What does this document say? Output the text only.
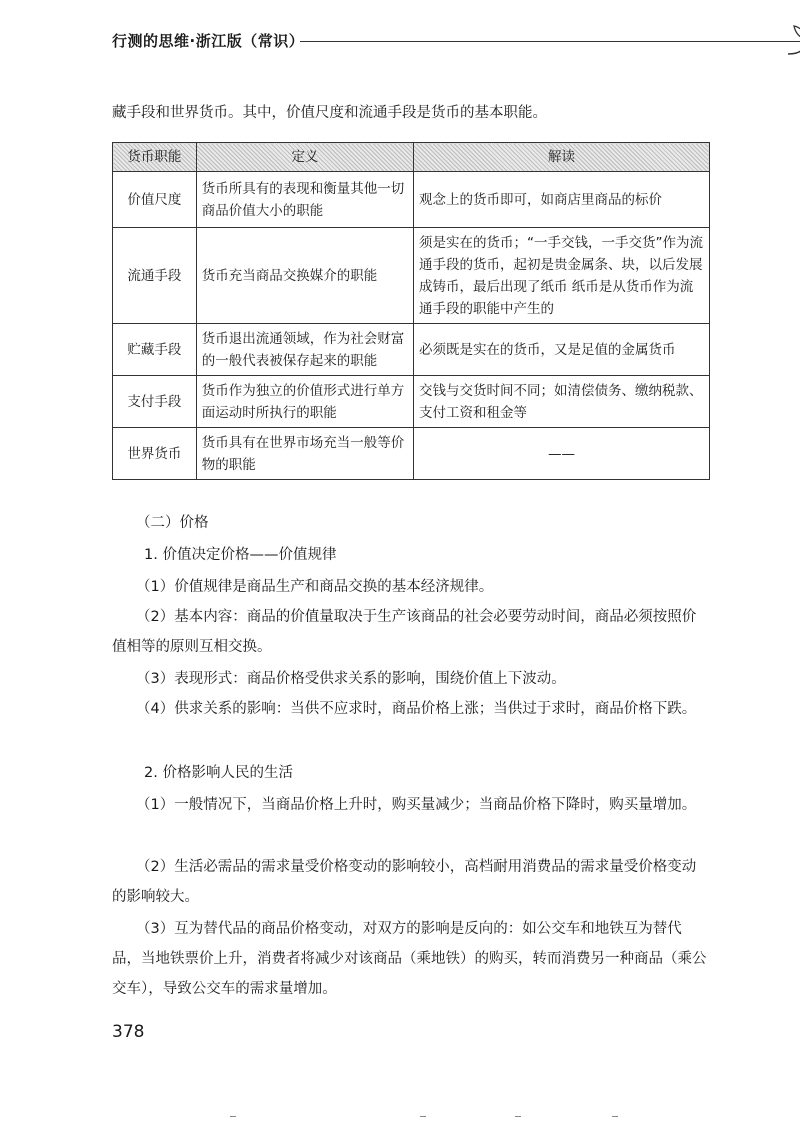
行测的思维·浙江版（常识）
藏手段和世界货币。其中，价值尺度和流通手段是货币的基本职能。
货币职能	定义	解读
价值尺度	货币所具有的表现和衡量其他一切商品价值大小的职能	观念上的货币即可，如商店里商品的标价
流通手段	货币充当商品交换媒介的职能	须是实在的货币；“一手交钱，一手交货”作为流通手段的货币，起初是贵金属条、块，以后发展成铸币，最后出现了纸币 纸币是从货币作为流通手段的职能中产生的
贮藏手段	货币退出流通领域，作为社会财富的一般代表被保存起来的职能	必须既是实在的货币，又是足值的金属货币
支付手段	货币作为独立的价值形式进行单方面运动时所执行的职能	交钱与交货时间不同；如清偿债务、缴纳税款、支付工资和租金等
世界货币	货币具有在世界市场充当一般等价物的职能	——
（二）价格
1. 价值决定价格——价值规律
（1）价值规律是商品生产和商品交换的基本经济规律。
（2）基本内容：商品的价值量取决于生产该商品的社会必要劳动时间，商品必须按照价值相等的原则互相交换。
（3）表现形式：商品价格受供求关系的影响，围绕价值上下波动。
（4）供求关系的影响：当供不应求时，商品价格上涨；当供过于求时，商品价格下跌。
2. 价格影响人民的生活
（1）一般情况下，当商品价格上升时，购买量减少；当商品价格下降时，购买量增加。
（2）生活必需品的需求量受价格变动的影响较小，高档耐用消费品的需求量受价格变动的影响较大。
（3）互为替代品的商品价格变动，对双方的影响是反向的：如公交车和地铁互为替代品，当地铁票价上升，消费者将减少对该商品（乘地铁）的购买，转而消费另一种商品（乘公交车），导致公交车的需求量增加。
378
